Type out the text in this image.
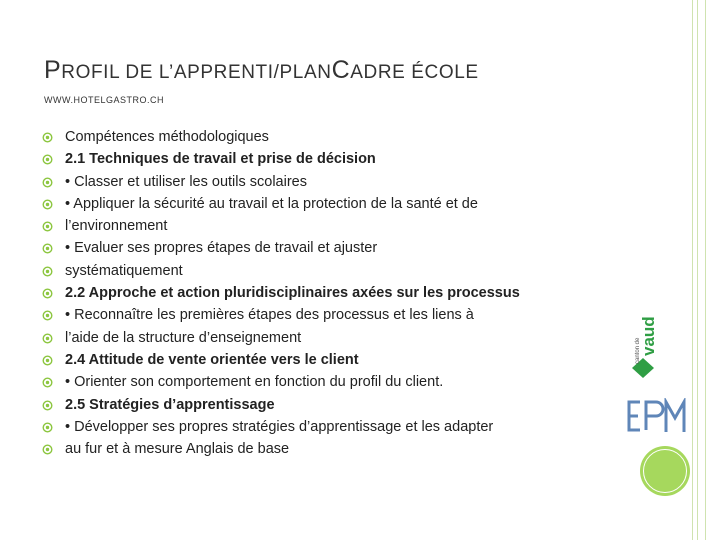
PROFIL DE L’APPRENTI/PLANCADRE ÉCOLE
WWW.HOTELGASTRO.CH
Compétences méthodologiques
2.1 Techniques de travail et prise de décision
• Classer et utiliser les outils scolaires
• Appliquer la sécurité au travail et la protection de la santé et de
l’environnement
• Evaluer ses propres étapes de travail et ajuster
systématiquement
2.2 Approche et action pluridisciplinaires axées sur les processus
• Reconnaître les premières étapes des processus et les liens à
l’aide de la structure d’enseignement
2.4 Attitude de vente orientée vers le client
• Orienter son comportement en fonction du profil du client.
2.5 Stratégies d’apprentissage
• Développer ses propres stratégies d’apprentissage et les adapter
au fur et à mesure Anglais de base
canton de
vaud
